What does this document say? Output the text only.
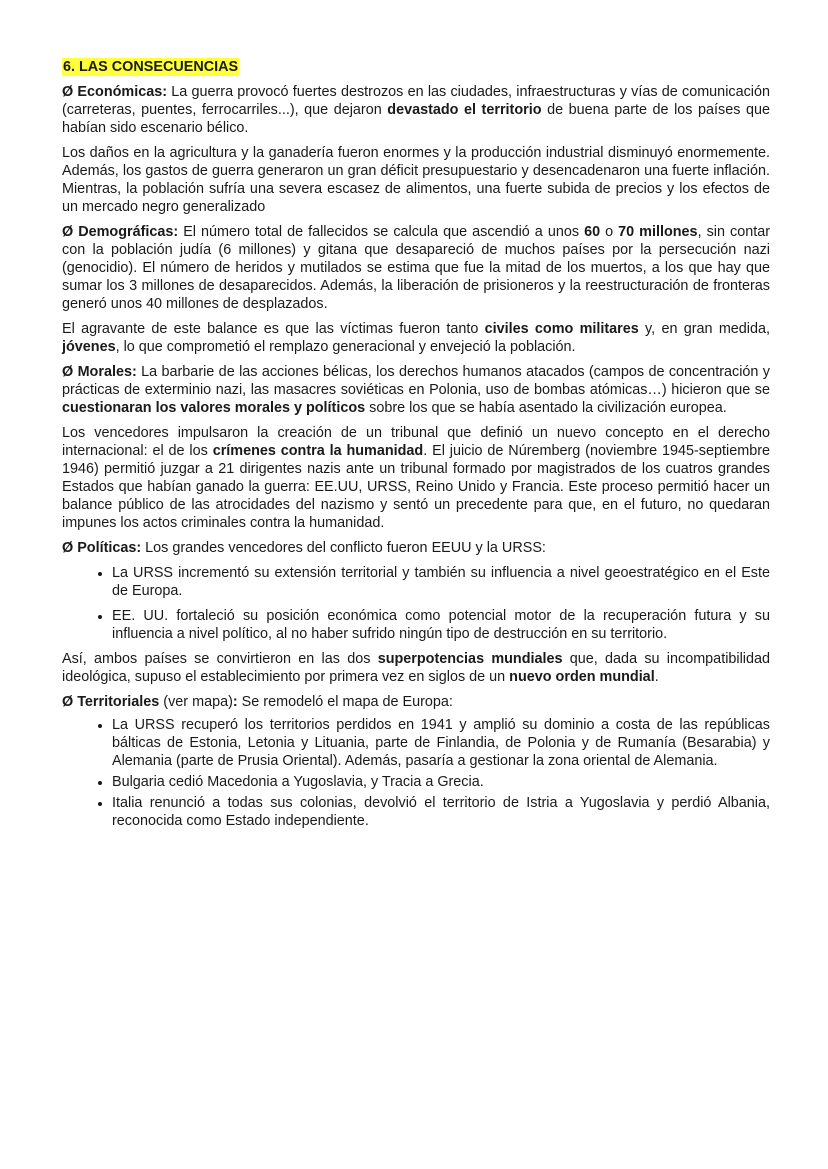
6. LAS CONSECUENCIAS

Ø Económicas: La guerra provocó fuertes destrozos en las ciudades, infraestructuras y vías de comunicación (carreteras, puentes, ferrocarriles...), que dejaron devastado el territorio de buena parte de los países que habían sido escenario bélico.

Los daños en la agricultura y la ganadería fueron enormes y la producción industrial disminuyó enormemente. Además, los gastos de guerra generaron un gran déficit presupuestario y desencadenaron una fuerte inflación. Mientras, la población sufría una severa escasez de alimentos, una fuerte subida de precios y los efectos de un mercado negro generalizado

Ø Demográficas: El número total de fallecidos se calcula que ascendió a unos 60 o 70 millones, sin contar con la población judía (6 millones) y gitana que desapareció de muchos países por la persecución nazi (genocidio). El número de heridos y mutilados se estima que fue la mitad de los muertos, a los que hay que sumar los 3 millones de desaparecidos. Además, la liberación de prisioneros y la reestructuración de fronteras generó unos 40 millones de desplazados.

El agravante de este balance es que las víctimas fueron tanto civiles como militares y, en gran medida, jóvenes, lo que comprometió el remplazo generacional y envejeció la población.

Ø Morales: La barbarie de las acciones bélicas, los derechos humanos atacados (campos de concentración y prácticas de exterminio nazi, las masacres soviéticas en Polonia, uso de bombas atómicas…) hicieron que se cuestionaran los valores morales y políticos sobre los que se había asentado la civilización europea.

Los vencedores impulsaron la creación de un tribunal que definió un nuevo concepto en el derecho internacional: el de los crímenes contra la humanidad. El juicio de Núremberg (noviembre 1945-septiembre 1946) permitió juzgar a 21 dirigentes nazis ante un tribunal formado por magistrados de los cuatros grandes Estados que habían ganado la guerra: EE.UU, URSS, Reino Unido y Francia. Este proceso permitió hacer un balance público de las atrocidades del nazismo y sentó un precedente para que, en el futuro, no quedaran impunes los actos criminales contra la humanidad.

Ø Políticas: Los grandes vencedores del conflicto fueron EEUU y la URSS:

• La URSS incrementó su extensión territorial y también su influencia a nivel geoestratégico en el Este de Europa.
• EE. UU. fortaleció su posición económica como potencial motor de la recuperación futura y su influencia a nivel político, al no haber sufrido ningún tipo de destrucción en su territorio.

Así, ambos países se convirtieron en las dos superpotencias mundiales que, dada su incompatibilidad ideológica, supuso el establecimiento por primera vez en siglos de un nuevo orden mundial.

Ø Territoriales (ver mapa): Se remodeló el mapa de Europa:

• La URSS recuperó los territorios perdidos en 1941 y amplió su dominio a costa de las repúblicas bálticas de Estonia, Letonia y Lituania, parte de Finlandia, de Polonia y de Rumanía (Besarabia) y Alemania (parte de Prusia Oriental). Además, pasaría a gestionar la zona oriental de Alemania.
• Bulgaria cedió Macedonia a Yugoslavia, y Tracia a Grecia.
• Italia renunció a todas sus colonias, devolvió el territorio de Istria a Yugoslavia y perdió Albania, reconocida como Estado independiente.
